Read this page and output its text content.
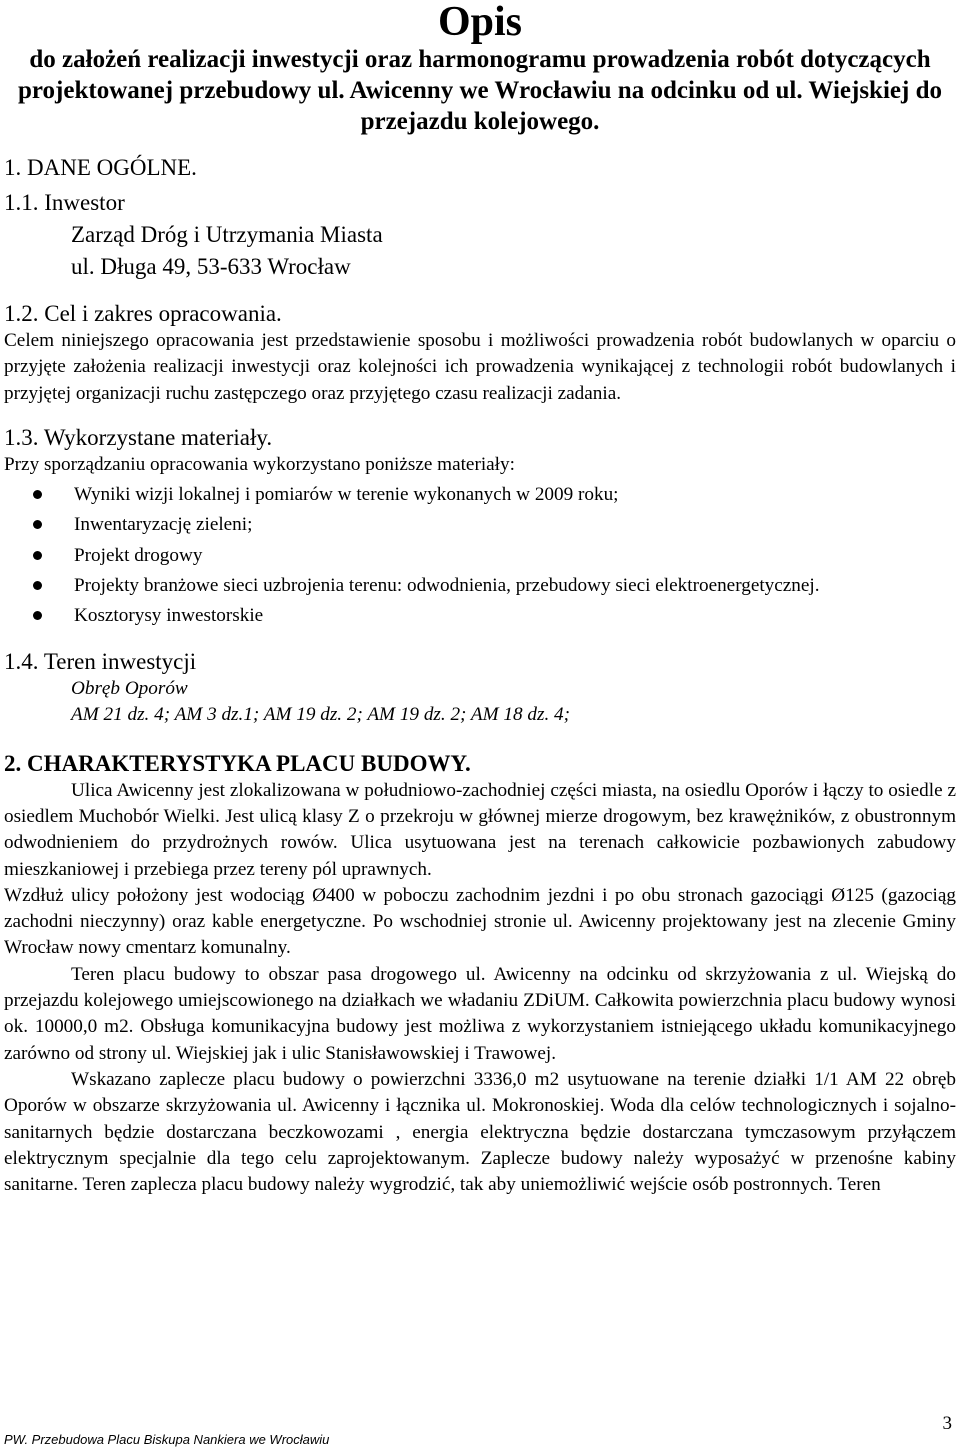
Opis

do założeń realizacji inwestycji oraz harmonogramu prowadzenia robót dotyczących projektowanej przebudowy ul. Awicenny we Wrocławiu na odcinku od ul. Wiejskiej do przejazdu kolejowego.

1. DANE OGÓLNE.

1.1. Inwestor

Zarząd Dróg i Utrzymania Miasta

ul. Długa 49, 53-633 Wrocław

1.2. Cel i zakres opracowania.

Celem niniejszego opracowania jest przedstawienie sposobu i możliwości prowadzenia robót budowlanych w oparciu o przyjęte założenia realizacji inwestycji oraz kolejności ich prowadzenia wynikającej z technologii robót budowlanych i przyjętej organizacji ruchu zastępczego oraz przyjętego czasu realizacji zadania.

1.3. Wykorzystane materiały.

Przy sporządzaniu opracowania wykorzystano poniższe materiały:

Wyniki wizji lokalnej i pomiarów w terenie wykonanych w 2009 roku;
Inwentaryzację zieleni;
Projekt drogowy
Projekty branżowe sieci uzbrojenia terenu: odwodnienia, przebudowy sieci elektroenergetycznej.
Kosztorysy inwestorskie

1.4. Teren inwestycji

Obręb Oporów

AM 21 dz. 4; AM 3 dz.1; AM 19 dz. 2; AM 19 dz. 2; AM 18 dz. 4;

2. CHARAKTERYSTYKA PLACU BUDOWY.

Ulica Awicenny jest zlokalizowana w południowo-zachodniej części miasta, na osiedlu Oporów i łączy to osiedle z osiedlem Muchobór Wielki. Jest ulicą klasy Z o przekroju w głównej mierze drogowym, bez krawężników, z obustronnym odwodnieniem do przydrożnych rowów. Ulica usytuowana jest na terenach całkowicie pozbawionych zabudowy mieszkaniowej i przebiega przez tereny pól uprawnych.

Wzdłuż ulicy położony jest wodociąg Ø400 w poboczu zachodnim jezdni i po obu stronach gazociągi Ø125 (gazociąg zachodni nieczynny) oraz kable energetyczne. Po wschodniej stronie ul. Awicenny projektowany jest na zlecenie Gminy Wrocław nowy cmentarz komunalny.

Teren placu budowy to obszar pasa drogowego ul. Awicenny na odcinku od skrzyżowania z ul. Wiejską do przejazdu kolejowego umiejscowionego na działkach we władaniu ZDiUM. Całkowita powierzchnia placu budowy wynosi ok. 10000,0 m2. Obsługa komunikacyjna budowy jest możliwa z wykorzystaniem istniejącego układu komunikacyjnego zarówno od strony ul. Wiejskiej jak i ulic Stanisławowskiej i Trawowej.

Wskazano zaplecze placu budowy o powierzchni 3336,0 m2 usytuowane na terenie działki 1/1 AM 22 obręb Oporów w obszarze skrzyżowania ul. Awicenny i łącznika ul. Mokronoskiej. Woda dla celów technologicznych i sojalno-sanitarnych będzie dostarczana beczkowozami , energia elektryczna będzie dostarczana tymczasowym przyłączem elektrycznym specjalnie dla tego celu zaprojektowanym. Zaplecze budowy należy wyposażyć w przenośne kabiny sanitarne. Teren zaplecza placu budowy należy wygrodzić, tak aby uniemożliwić wejście osób postronnych. Teren

3
PW. Przebudowa Placu Biskupa Nankiera we Wrocławiu
